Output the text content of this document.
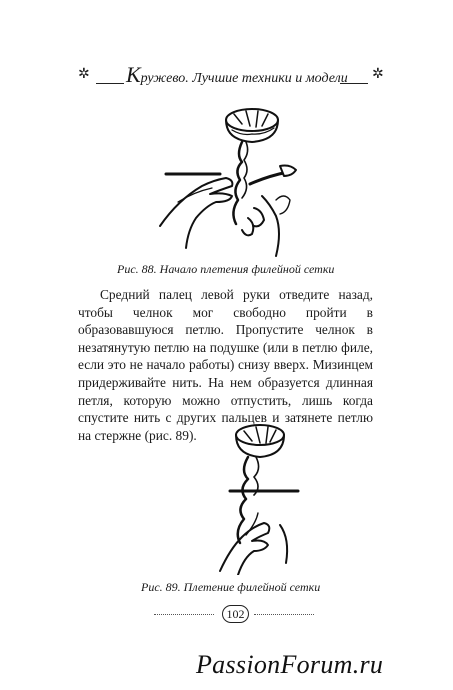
✲ Кружево. Лучшие техники и модели ✲
Рис. 88. Начало плетения филейной сетки

Средний палец левой руки отведите назад, чтобы челнок мог свободно пройти в образовавшуюся петлю. Пропустите челнок в незатянутую петлю на подушке (или в петлю филе, если это не начало работы) снизу вверх. Мизинцем придерживайте нить. На нем образуется длинная петля, которую можно отпустить, лишь когда спустите нить с других пальцев и затянете петлю на стержне (рис. 89).

Рис. 89. Плетение филейной сетки
102
PassionForum.ru
